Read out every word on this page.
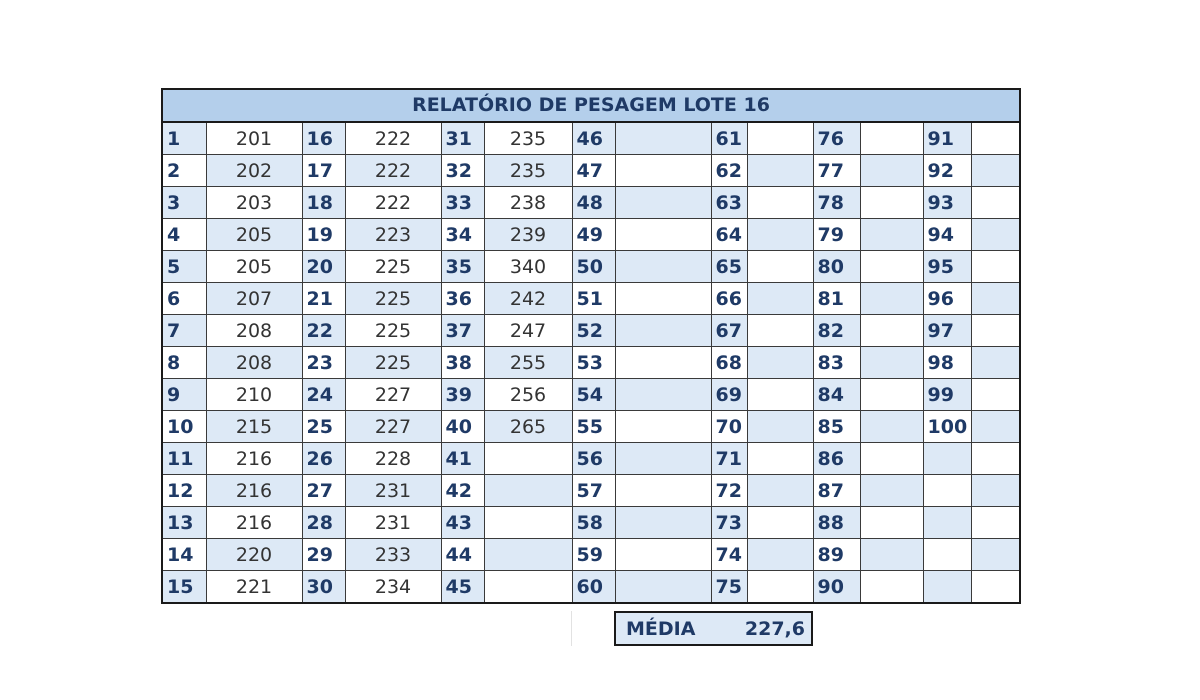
RELATÓRIO DE PESAGEM LOTE 16
1	201	16	222	31	235	46		61		76		91	
2	202	17	222	32	235	47		62		77		92	
3	203	18	222	33	238	48		63		78		93	
4	205	19	223	34	239	49		64		79		94	
5	205	20	225	35	340	50		65		80		95	
6	207	21	225	36	242	51		66		81		96	
7	208	22	225	37	247	52		67		82		97	
8	208	23	225	38	255	53		68		83		98	
9	210	24	227	39	256	54		69		84		99	
10	215	25	227	40	265	55		70		85		100	
11	216	26	228	41		56		71		86			
12	216	27	231	42		57		72		87			
13	216	28	231	43		58		73		88			
14	220	29	233	44		59		74		89			
15	221	30	234	45		60		75		90			
MÉDIA	227,6
